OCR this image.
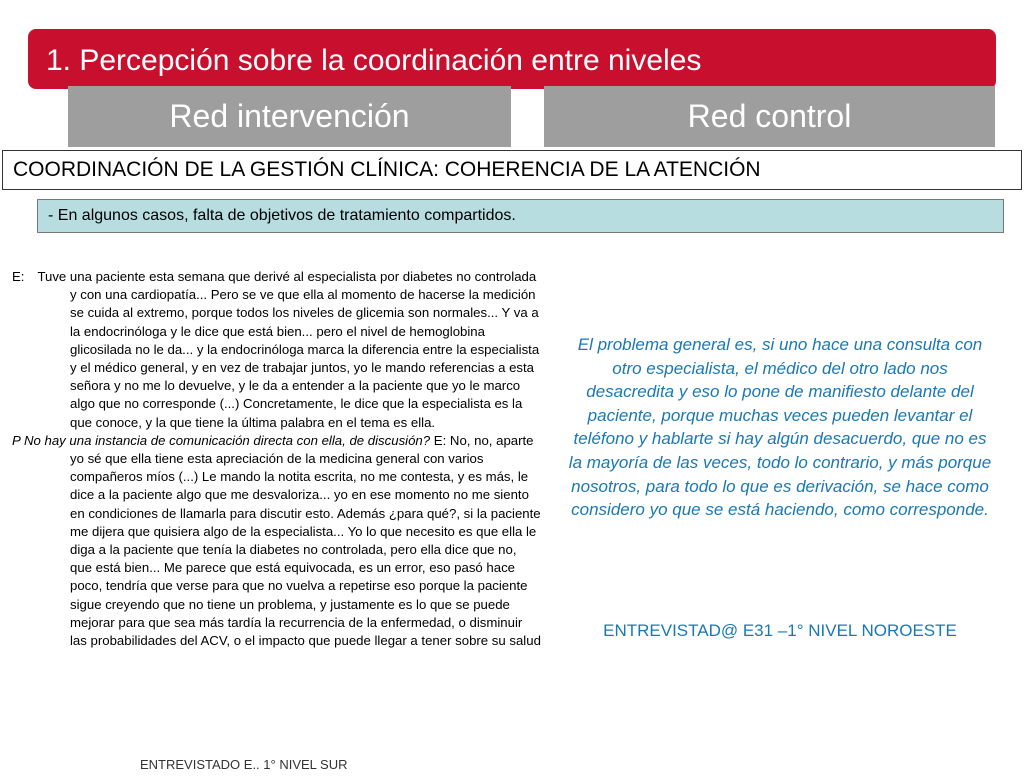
1. Percepción sobre la coordinación entre niveles
Red intervención	Red control
COORDINACIÓN DE LA GESTIÓN CLÍNICA: COHERENCIA DE LA ATENCIÓN
- En algunos casos, falta de objetivos de tratamiento compartidos.

E: Tuve una paciente esta semana que derivé al especialista por diabetes no controlada y con una cardiopatía... Pero se ve que ella al momento de hacerse la medición se cuida al extremo, porque todos los niveles de glicemia son normales... Y va a la endocrinóloga y le dice que está bien... pero el nivel de hemoglobina glicosilada no le da... y la endocrinóloga marca la diferencia entre la especialista y el médico general, y en vez de trabajar juntos, yo le mando referencias a esta señora y no me lo devuelve, y le da a entender a la paciente que yo le marco algo que no corresponde (...) Concretamente, le dice que la especialista es la que conoce, y la que tiene la última palabra en el tema es ella.

P No hay una instancia de comunicación directa con ella, de discusión? E: No, no, aparte yo sé que ella tiene esta apreciación de la medicina general con varios compañeros míos (...) Le mando la notita escrita, no me contesta, y es más, le dice a la paciente algo que me desvaloriza... yo en ese momento no me siento en condiciones de llamarla para discutir esto. Además ¿para qué?, si la paciente me dijera que quisiera algo de la especialista... Yo lo que necesito es que ella le diga a la paciente que tenía la diabetes no controlada, pero ella dice que no, que está bien... Me parece que está equivocada, es un error, eso pasó hace poco, tendría que verse para que no vuelva a repetirse eso porque la paciente sigue creyendo que no tiene un problema, y justamente es lo que se puede mejorar para que sea más tardía la recurrencia de la enfermedad, o disminuir las probabilidades del ACV, o el impacto que puede llegar a tener sobre su salud

ENTREVISTADO E.. 1° NIVEL SUR
El problema general es, si uno hace una consulta con otro especialista, el médico del otro lado nos desacredita y eso lo pone de manifiesto delante del paciente, porque muchas veces pueden levantar el teléfono y hablarte si hay algún desacuerdo, que no es la mayoría de las veces, todo lo contrario, y más porque nosotros, para todo lo que es derivación, se hace como considero yo que se está haciendo, como corresponde.
ENTREVISTAD@ E31 –1° NIVEL NOROESTE
